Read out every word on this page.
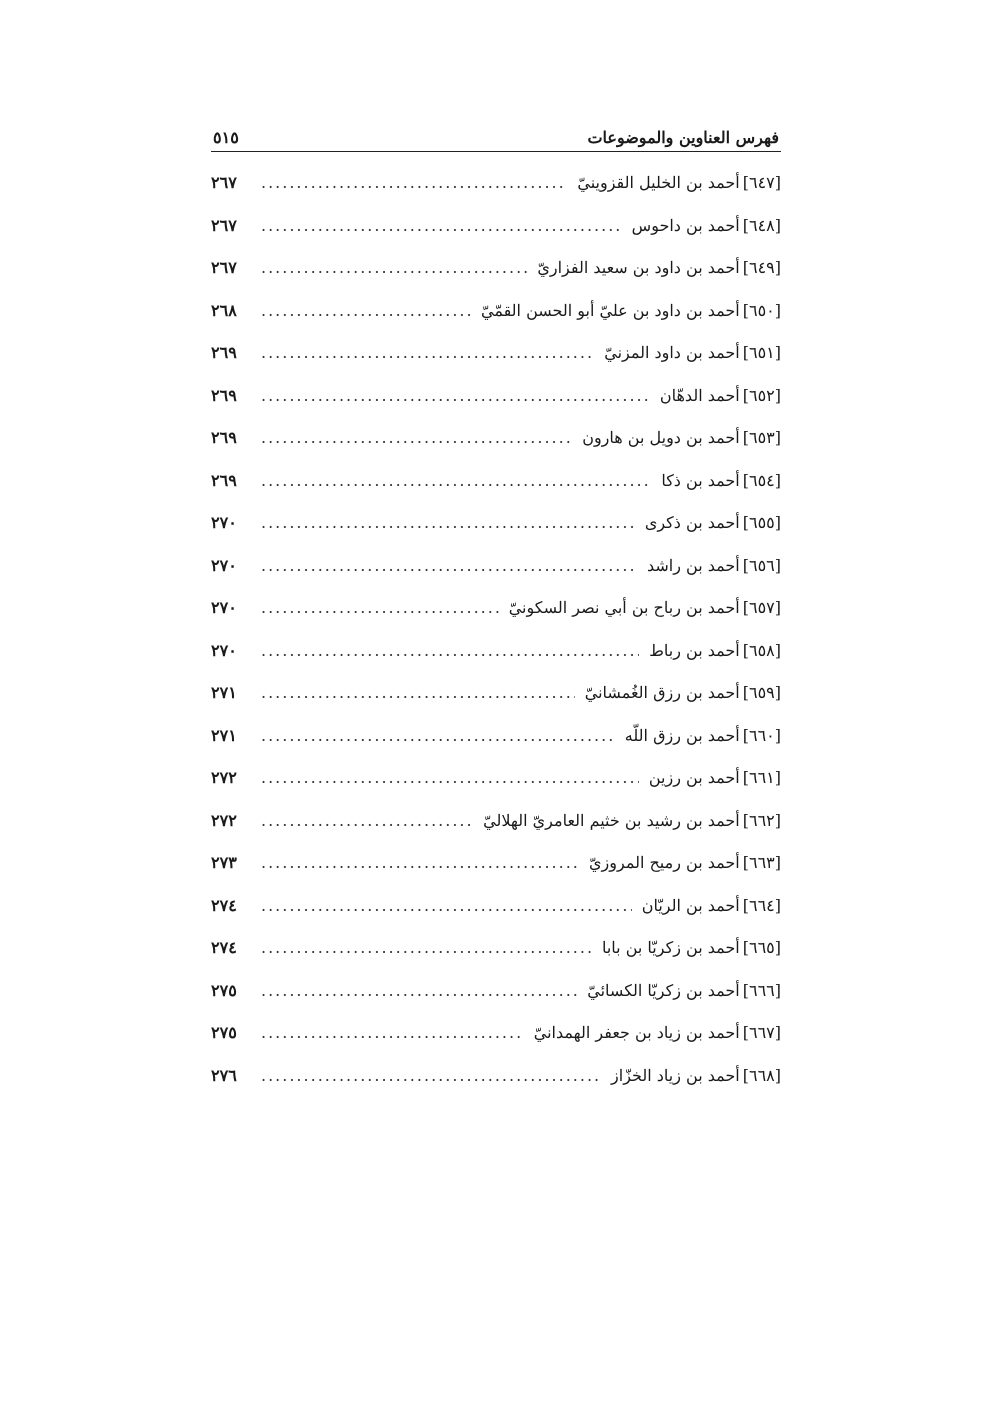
فهرس العناوين والموضوعات
٥١٥
[٦٤٧]
أحمد بن الخليل القزوينيّ
.....
٢٦٧
[٦٤٨]
أحمد بن داحوس
.....
٢٦٧
[٦٤٩]
أحمد بن داود بن سعيد الفزاريّ
.....
٢٦٧
[٦٥٠]
أحمد بن داود بن عليّ أبو الحسن القمّيّ
.....
٢٦٨
[٦٥١]
أحمد بن داود المزنيّ
.....
٢٦٩
[٦٥٢]
أحمد الدهّان
.....
٢٦٩
[٦٥٣]
أحمد بن دويل بن هارون
.....
٢٦٩
[٦٥٤]
أحمد بن ذكا
.....
٢٦٩
[٦٥٥]
أحمد بن ذكرى
.....
٢٧٠
[٦٥٦]
أحمد بن راشد
.....
٢٧٠
[٦٥٧]
أحمد بن رباح بن أبي نصر السكونيّ
.....
٢٧٠
[٦٥٨]
أحمد بن رباط
.....
٢٧٠
[٦٥٩]
أحمد بن رزق الغُمشانيّ
.....
٢٧١
[٦٦٠]
أحمد بن رزق اللّه
.....
٢٧١
[٦٦١]
أحمد بن رزين
.....
٢٧٢
[٦٦٢]
أحمد بن رشيد بن خثيم العامريّ الهلاليّ
.....
٢٧٢
[٦٦٣]
أحمد بن رميح المروزيّ
.....
٢٧٣
[٦٦٤]
أحمد بن الريّان
.....
٢٧٤
[٦٦٥]
أحمد بن زكريّا بن بابا
.....
٢٧٤
[٦٦٦]
أحمد بن زكريّا الكسائيّ
.....
٢٧٥
[٦٦٧]
أحمد بن زياد بن جعفر الهمدانيّ
.....
٢٧٥
[٦٦٨]
أحمد بن زياد الخزّاز
.....
٢٧٦
